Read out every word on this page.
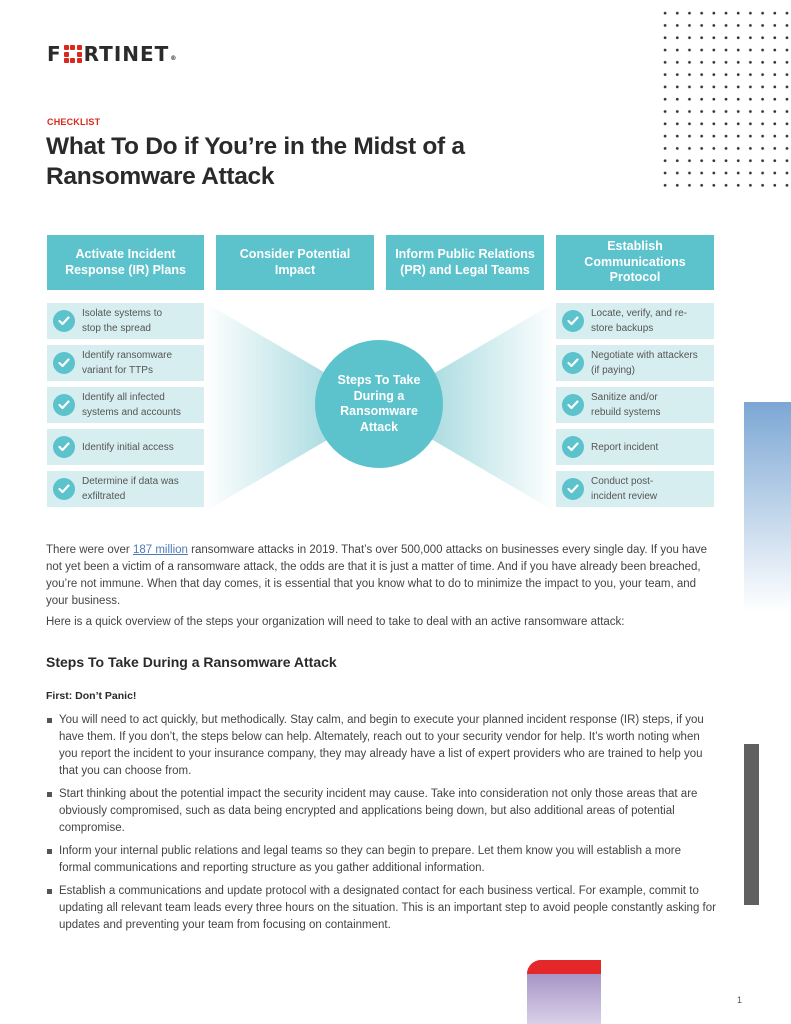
F RTINET ®
CHECKLIST
What To Do if You’re in the Midst of a Ransomware Attack
Activate Incident Response (IR) Plans
Consider Potential Impact
Inform Public Relations (PR) and Legal Teams
Establish Communications Protocol
Steps To Take During a Ransomware Attack
Isolate systems to stop the spread
Identify ransomware variant for TTPs
Identify all infected systems and accounts
Identify initial access
Determine if data was exfiltrated
Locate, verify, and re-store backups
Negotiate with attackers (if paying)
Sanitize and/or rebuild systems
Report incident
Conduct post-incident review

There were over 187 million ransomware attacks in 2019. That’s over 500,000 attacks on businesses every single day. If you have not yet been a victim of a ransomware attack, the odds are that it is just a matter of time. And if you have already been breached, you’re not immune. When that day comes, it is essential that you know what to do to minimize the impact to you, your team, and your business.

Here is a quick overview of the steps your organization will need to take to deal with an active ransomware attack:

Steps To Take During a Ransomware Attack
First: Don’t Panic!
You will need to act quickly, but methodically. Stay calm, and begin to execute your planned incident response (IR) steps, if you have them. If you don’t, the steps below can help. Altemately, reach out to your security vendor for help. It’s worth noting when you report the incident to your insurance company, they may already have a list of expert providers who are trained to help you that you can choose from.
Start thinking about the potential impact the security incident may cause. Take into consideration not only those areas that are obviously compromised, such as data being encrypted and applications being down, but also additional areas of potential compromise.
Inform your internal public relations and legal teams so they can begin to prepare. Let them know you will establish a more formal communications and reporting structure as you gather additional information.
Establish a communications and update protocol with a designated contact for each business vertical. For example, commit to updating all relevant team leads every three hours on the situation. This is an important step to avoid people constantly asking for updates and preventing your team from focusing on containment.
1
